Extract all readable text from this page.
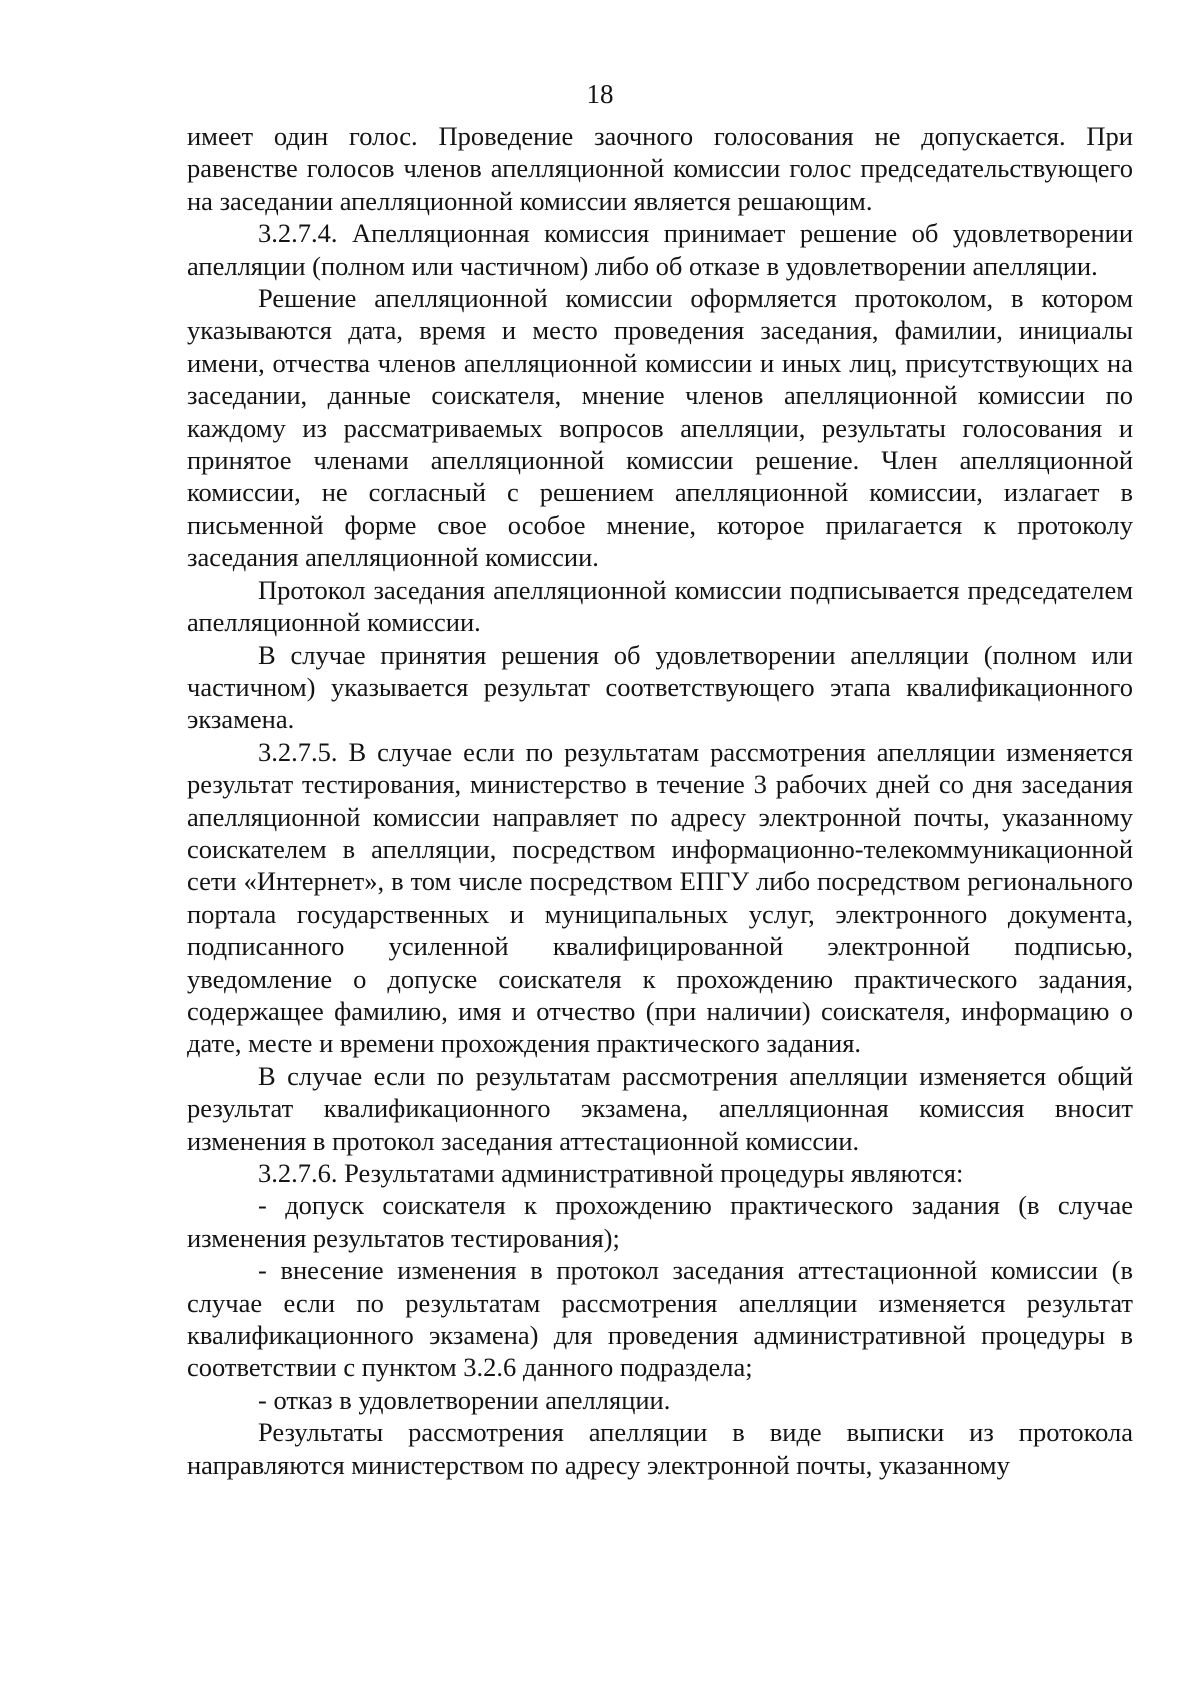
18

имеет один голос. Проведение заочного голосования не допускается. При равенстве голосов членов апелляционной комиссии голос председательствующего на заседании апелляционной комиссии является решающим.

3.2.7.4. Апелляционная комиссия принимает решение об удовлетворении апелляции (полном или частичном) либо об отказе в удовлетворении апелляции.

Решение апелляционной комиссии оформляется протоколом, в котором указываются дата, время и место проведения заседания, фамилии, инициалы имени, отчества членов апелляционной комиссии и иных лиц, присутствующих на заседании, данные соискателя, мнение членов апелляционной комиссии по каждому из рассматриваемых вопросов апелляции, результаты голосования и принятое членами апелляционной комиссии решение. Член апелляционной комиссии, не согласный с решением апелляционной комиссии, излагает в письменной форме свое особое мнение, которое прилагается к протоколу заседания апелляционной комиссии.

Протокол заседания апелляционной комиссии подписывается председателем апелляционной комиссии.

В случае принятия решения об удовлетворении апелляции (полном или частичном) указывается результат соответствующего этапа квалификационного экзамена.

3.2.7.5. В случае если по результатам рассмотрения апелляции изменяется результат тестирования, министерство в течение 3 рабочих дней со дня заседания апелляционной комиссии направляет по адресу электронной почты, указанному соискателем в апелляции, посредством информационно-телекоммуникационной сети «Интернет», в том числе посредством ЕПГУ либо посредством регионального портала государственных и муниципальных услуг, электронного документа, подписанного усиленной квалифицированной электронной подписью, уведомление о допуске соискателя к прохождению практического задания, содержащее фамилию, имя и отчество (при наличии) соискателя, информацию о дате, месте и времени прохождения практического задания.

В случае если по результатам рассмотрения апелляции изменяется общий результат квалификационного экзамена, апелляционная комиссия вносит изменения в протокол заседания аттестационной комиссии.

3.2.7.6. Результатами административной процедуры являются:

- допуск соискателя к прохождению практического задания (в случае изменения результатов тестирования);

- внесение изменения в протокол заседания аттестационной комиссии (в случае если по результатам рассмотрения апелляции изменяется результат квалификационного экзамена) для проведения административной процедуры в соответствии с пунктом 3.2.6 данного подраздела;

- отказ в удовлетворении апелляции.

Результаты рассмотрения апелляции в виде выписки из протокола направляются министерством по адресу электронной почты, указанному
